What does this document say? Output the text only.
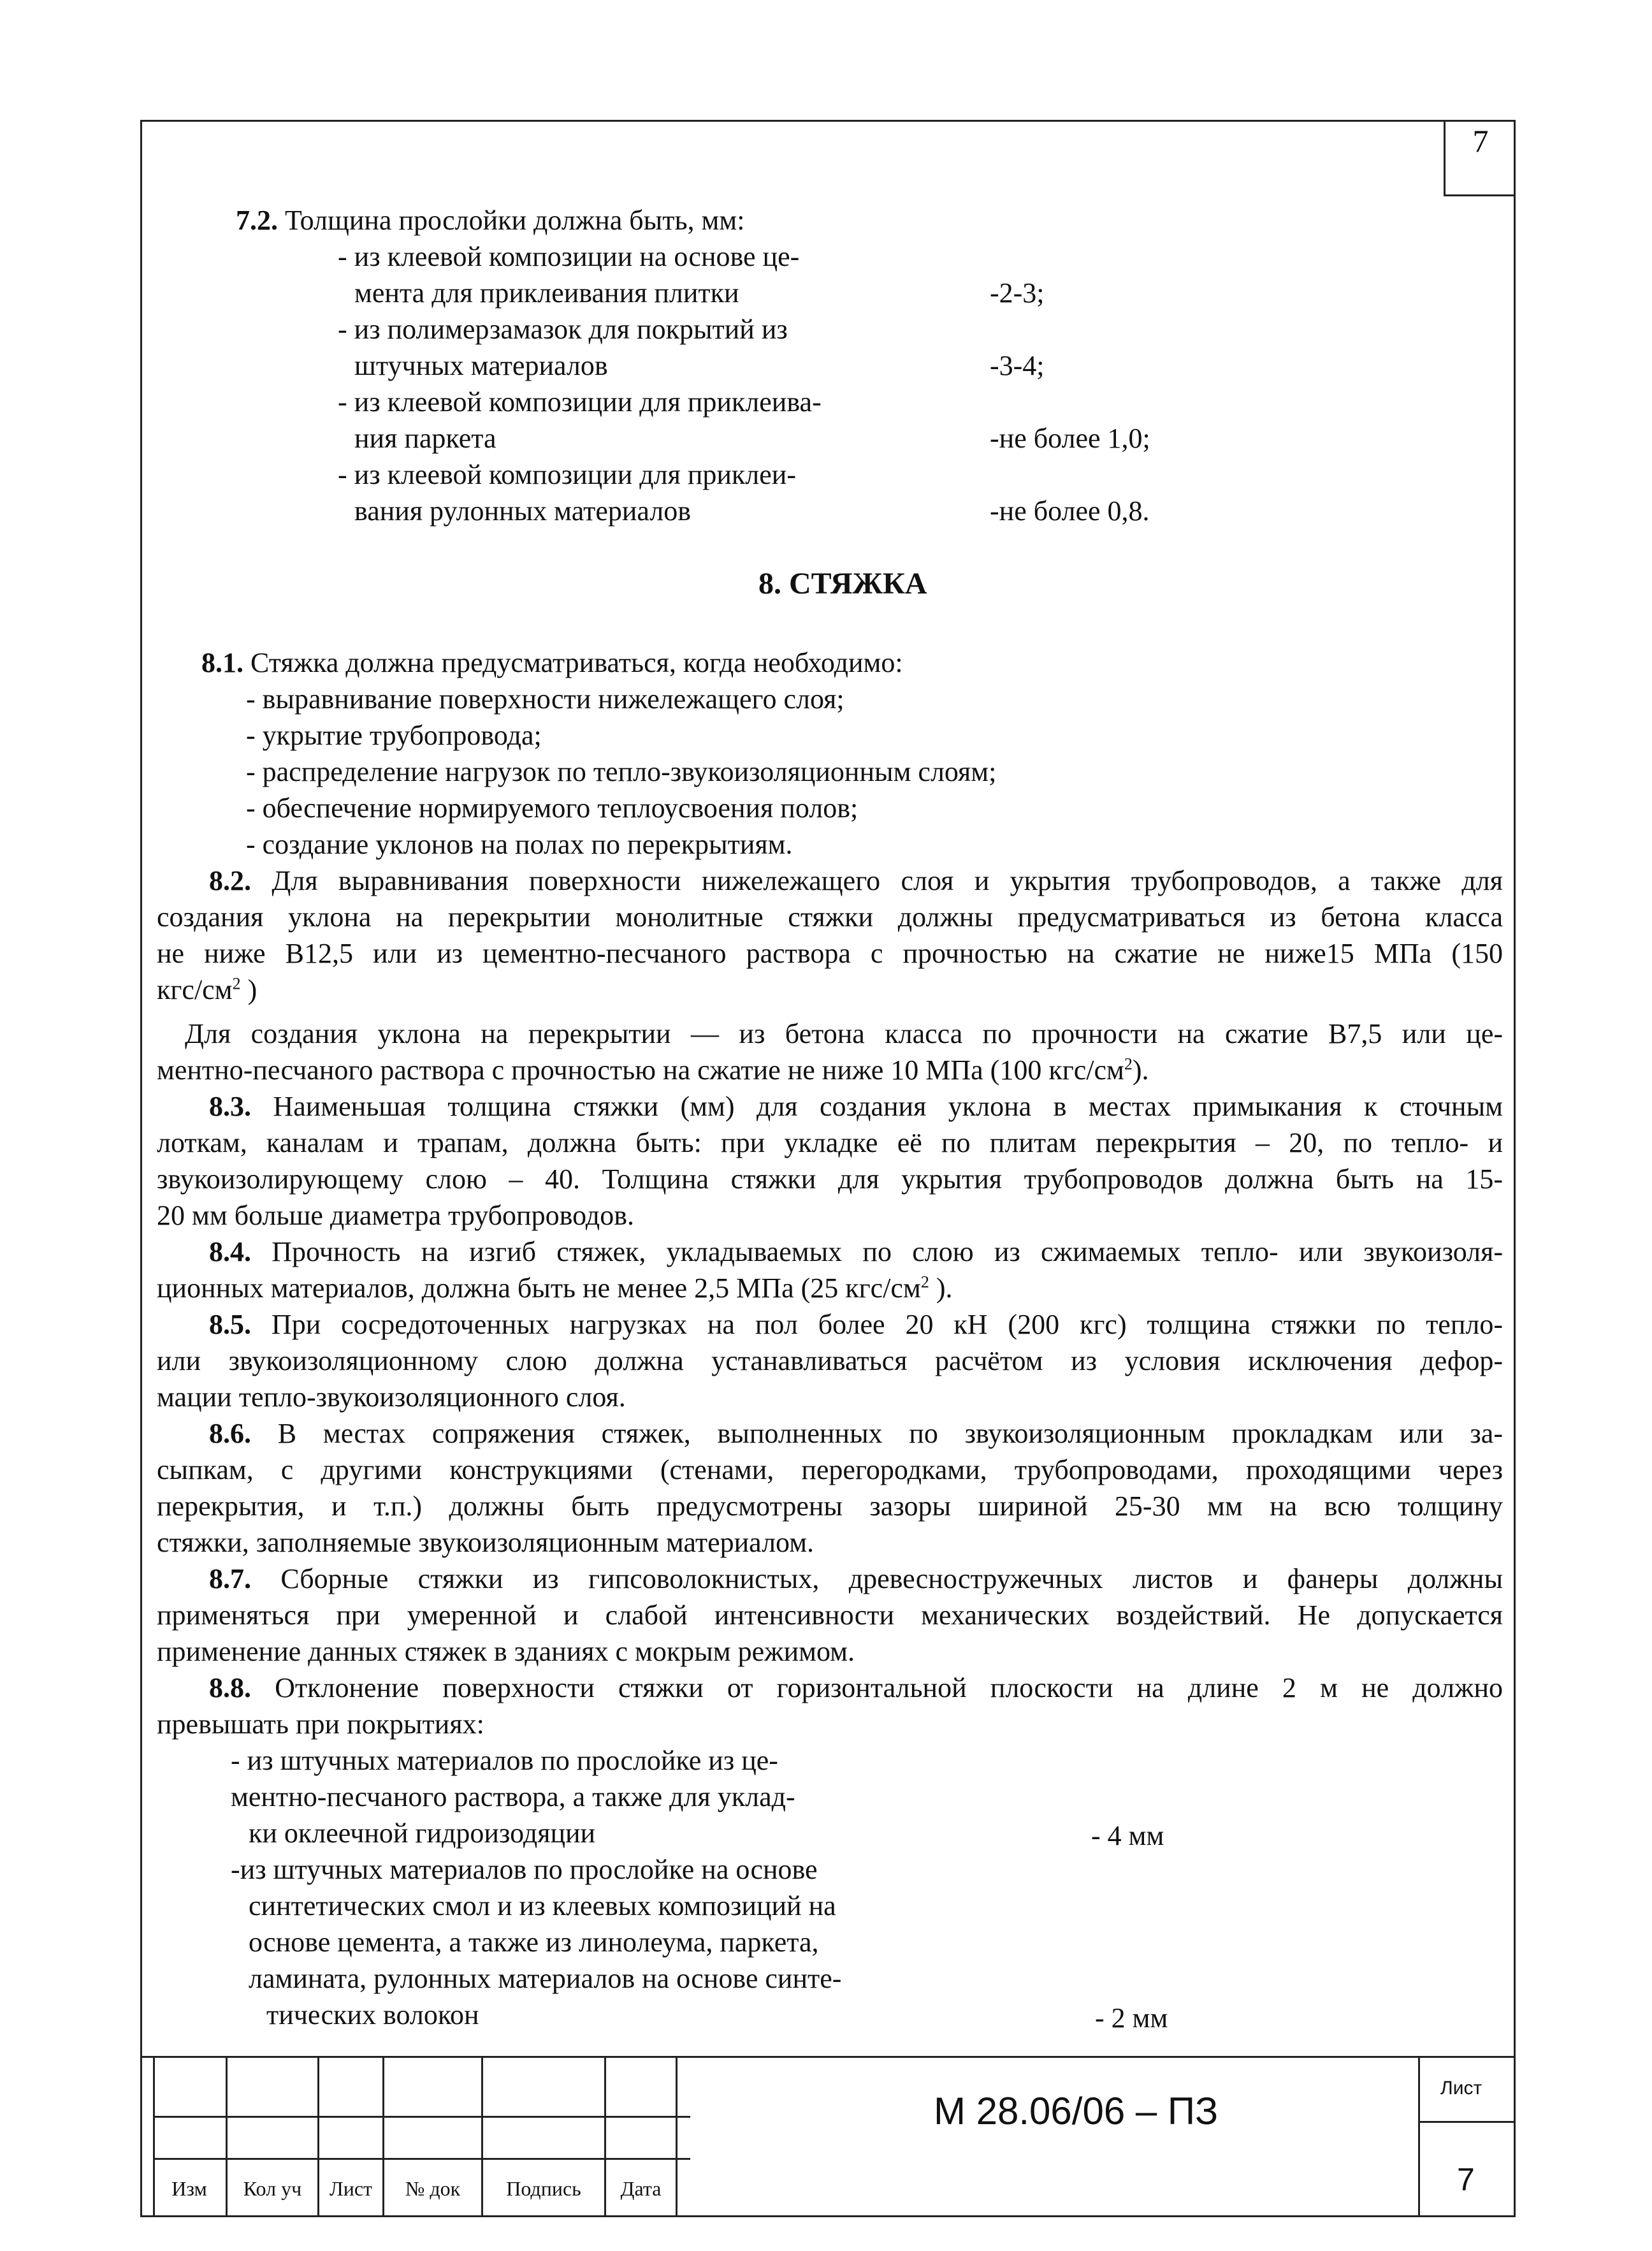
7
7.2. Толщина прослойки должна быть, мм:
- из клеевой композиции на основе це-
мента для приклеивания плитки	-2-3;
- из полимерзамазок для покрытий из
штучных материалов	-3-4;
- из клеевой композиции для приклеива-
ния паркета	-не более 1,0;
- из клеевой композиции для приклеи-
вания рулонных материалов	-не более 0,8.
8. СТЯЖКА
8.1. Стяжка должна предусматриваться, когда необходимо:
- выравнивание поверхности нижележащего слоя;
- укрытие трубопровода;
- распределение нагрузок по тепло-звукоизоляционным слоям;
- обеспечение нормируемого теплоусвоения полов;
- создание уклонов на полах по перекрытиям.
8.2. Для выравнивания поверхности нижележащего слоя и укрытия трубопроводов, а также для
создания уклона на перекрытии монолитные стяжки должны предусматриваться из бетона класса
не ниже В12,5 или из цементно-песчаного раствора с прочностью на сжатие не ниже15 МПа (150
кгс/$см^2$ )
Для создания уклона на перекрытии — из бетона класса по прочности на сжатие В7,5 или це-
ментно-песчаного раствора с прочностью на сжатие не ниже 10 МПа (100 кгс/$см^2$).
8.3. Наименьшая толщина стяжки (мм) для создания уклона в местах примыкания к сточным
лоткам, каналам и трапам, должна быть: при укладке её по плитам перекрытия – 20, по тепло- и
звукоизолирующему слою – 40. Толщина стяжки для укрытия трубопроводов должна быть на 15-
20 мм больше диаметра трубопроводов.
8.4. Прочность на изгиб стяжек, укладываемых по слою из сжимаемых тепло- или звукоизоля-
ционных материалов, должна быть не менее 2,5 МПа (25 кгс/$см^2$ ).
8.5. При сосредоточенных нагрузках на пол более 20 кН (200 кгс) толщина стяжки по тепло-
или звукоизоляционному слою должна устанавливаться расчётом из условия исключения дефор-
мации тепло-звукоизоляционного слоя.
8.6. В местах сопряжения стяжек, выполненных по звукоизоляционным прокладкам или за-
сыпкам, с другими конструкциями (стенами, перегородками, трубопроводами, проходящими через
перекрытия, и т.п.) должны быть предусмотрены зазоры шириной 25-30 мм на всю толщину
стяжки, заполняемые звукоизоляционным материалом.
8.7. Сборные стяжки из гипсоволокнистых, древесностружечных листов и фанеры должны
применяться при умеренной и слабой интенсивности механических воздействий. Не допускается
применение данных стяжек в зданиях с мокрым режимом.
8.8. Отклонение поверхности стяжки от горизонтальной плоскости на длине 2 м не должно
превышать при покрытиях:
- из штучных материалов по прослойке из це-
ментно-песчаного раствора, а также для уклад-
ки оклеечной гидроизодяции	- 4 мм
-из штучных материалов по прослойке на основе
синтетических смол и из клеевых композиций на
основе цемента, а также из линолеума, паркета,
ламината, рулонных материалов на основе синте-
тических волокон	- 2 мм
Изм	Кол уч	Лист	№ док	Подпись	Дата
М 28.06/06 – ПЗ
Лист
7
